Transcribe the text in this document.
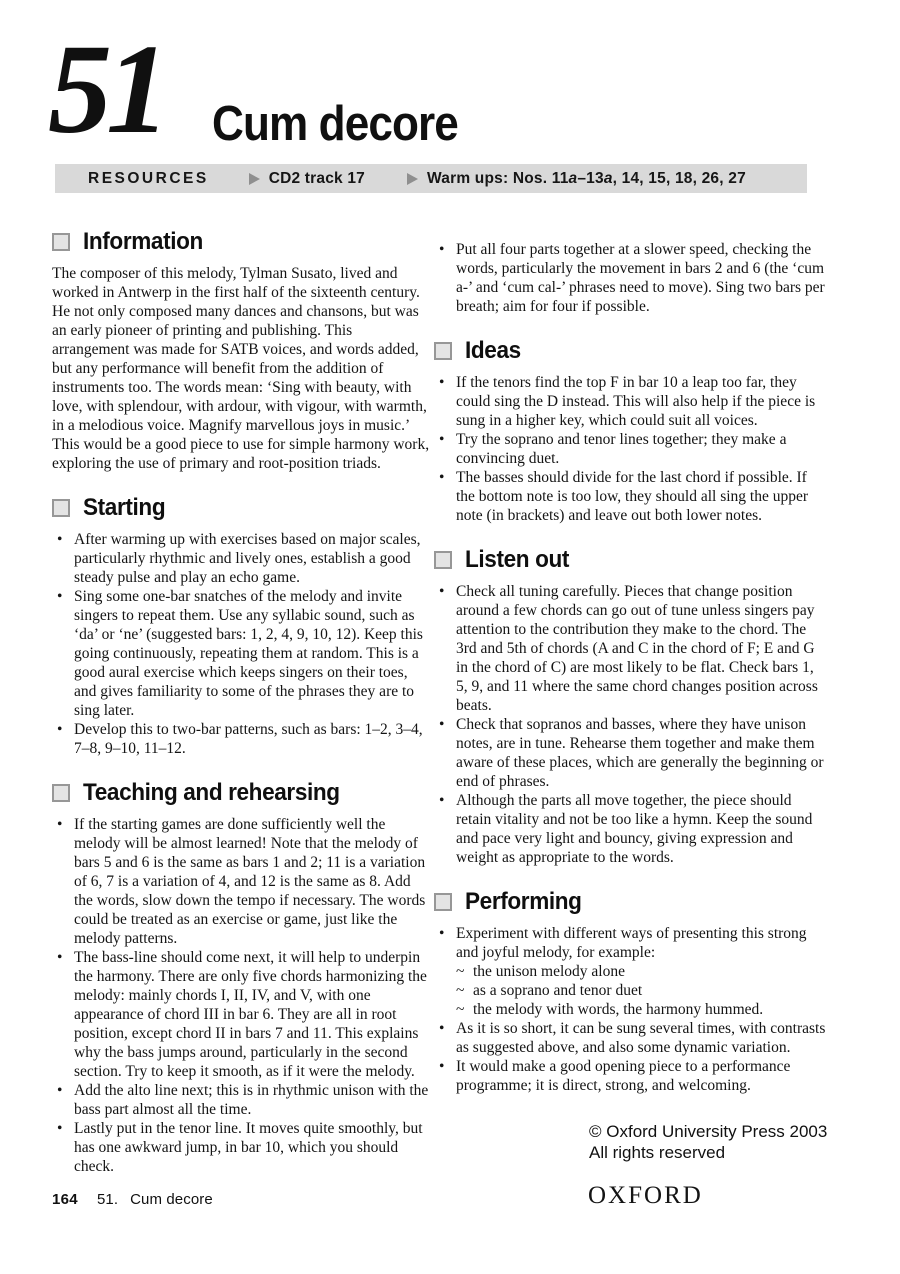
51 Cum decore
RESOURCES	CD2 track 17	Warm ups: Nos. 11a–13a, 14, 15, 18, 26, 27
Information
The composer of this melody, Tylman Susato, lived and worked in Antwerp in the first half of the sixteenth century. He not only composed many dances and chansons, but was an early pioneer of printing and publishing. This arrangement was made for SATB voices, and words added, but any performance will benefit from the addition of instruments too. The words mean: ‘Sing with beauty, with love, with splendour, with ardour, with vigour, with warmth, in a melodious voice. Magnify marvellous joys in music.’ This would be a good piece to use for simple harmony work, exploring the use of primary and root-position triads.
Starting
• After warming up with exercises based on major scales, particularly rhythmic and lively ones, establish a good steady pulse and play an echo game.
• Sing some one-bar snatches of the melody and invite singers to repeat them. Use any syllabic sound, such as ‘da’ or ‘ne’ (suggested bars: 1, 2, 4, 9, 10, 12). Keep this going continuously, repeating them at random. This is a good aural exercise which keeps singers on their toes, and gives familiarity to some of the phrases they are to sing later.
• Develop this to two-bar patterns, such as bars: 1–2, 3–4, 7–8, 9–10, 11–12.
Teaching and rehearsing
• If the starting games are done sufficiently well the melody will be almost learned! Note that the melody of bars 5 and 6 is the same as bars 1 and 2; 11 is a variation of 6, 7 is a variation of 4, and 12 is the same as 8. Add the words, slow down the tempo if necessary. The words could be treated as an exercise or game, just like the melody patterns.
• The bass-line should come next, it will help to underpin the harmony. There are only five chords harmonizing the melody: mainly chords I, II, IV, and V, with one appearance of chord III in bar 6. They are all in root position, except chord II in bars 7 and 11. This explains why the bass jumps around, particularly in the second section. Try to keep it smooth, as if it were the melody.
• Add the alto line next; this is in rhythmic unison with the bass part almost all the time.
• Lastly put in the tenor line. It moves quite smoothly, but has one awkward jump, in bar 10, which you should check.
• Put all four parts together at a slower speed, checking the words, particularly the movement in bars 2 and 6 (the ‘cum a-’ and ‘cum cal-’ phrases need to move). Sing two bars per breath; aim for four if possible.
Ideas
• If the tenors find the top F in bar 10 a leap too far, they could sing the D instead. This will also help if the piece is sung in a higher key, which could suit all voices.
• Try the soprano and tenor lines together; they make a convincing duet.
• The basses should divide for the last chord if possible. If the bottom note is too low, they should all sing the upper note (in brackets) and leave out both lower notes.
Listen out
• Check all tuning carefully. Pieces that change position around a few chords can go out of tune unless singers pay attention to the contribution they make to the chord. The 3rd and 5th of chords (A and C in the chord of F; E and G in the chord of C) are most likely to be flat. Check bars 1, 5, 9, and 11 where the same chord changes position across beats.
• Check that sopranos and basses, where they have unison notes, are in tune. Rehearse them together and make them aware of these places, which are generally the beginning or end of phrases.
• Although the parts all move together, the piece should retain vitality and not be too like a hymn. Keep the sound and pace very light and bouncy, giving expression and weight as appropriate to the words.
Performing
• Experiment with different ways of presenting this strong and joyful melody, for example:
~ the unison melody alone
~ as a soprano and tenor duet
~ the melody with words, the harmony hummed.
• As it is so short, it can be sung several times, with contrasts as suggested above, and also some dynamic variation.
• It would make a good opening piece to a performance programme; it is direct, strong, and welcoming.
164 51. Cum decore
© Oxford University Press 2003
All rights reserved
OXFORD
